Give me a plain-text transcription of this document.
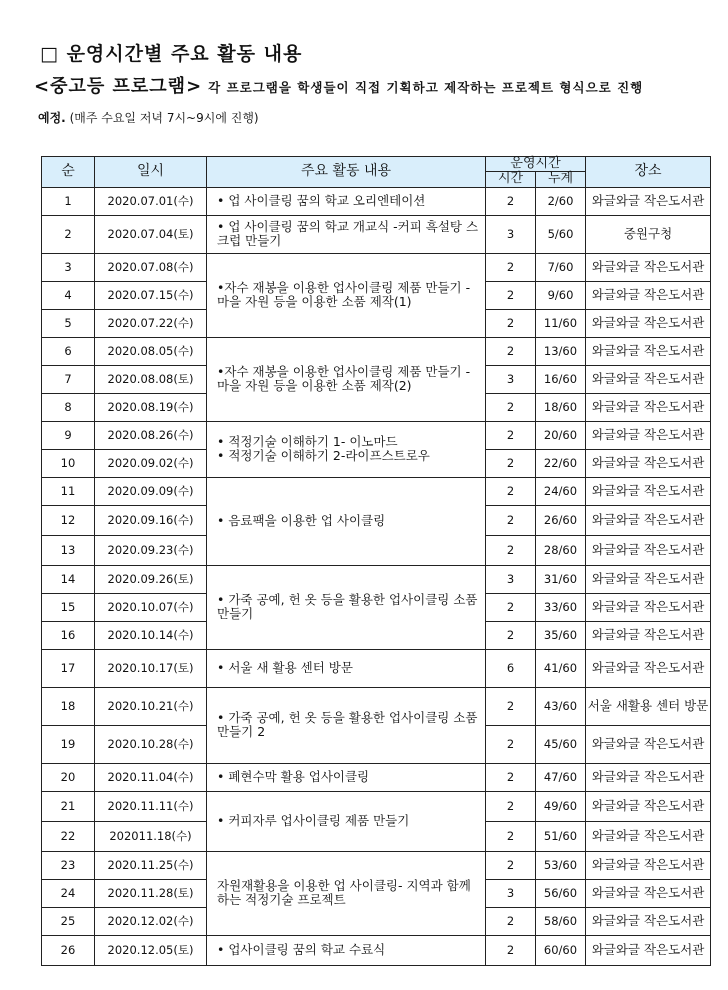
□ 운영시간별 주요 활동 내용
<중고등 프로그램> 각 프로그램을 학생들이 직접 기획하고 제작하는 프로젝트 형식으로 진행
예정. (매주 수요일 저녁 7시~9시에 진행)
순	일시	주요 활동 내용	운영시간		장소
			시간	누계	
1	2020.07.01(수)	• 업 사이클링 꿈의 학교 오리엔테이션	2	2/60	와글와글 작은도서관
2	2020.07.04(토)	• 업 사이클링 꿈의 학교 개교식 -커피 흑설탕 스크럽 만들기	3	5/60	중원구청
3	2020.07.08(수)	•자수 재봉을 이용한 업사이클링 제품 만들기 - 마을 자원 등을 이용한 소품 제작(1)	2	7/60	와글와글 작은도서관
4	2020.07.15(수)		2	9/60	와글와글 작은도서관
5	2020.07.22(수)		2	11/60	와글와글 작은도서관
6	2020.08.05(수)	•자수 재봉을 이용한 업사이클링 제품 만들기 - 마을 자원 등을 이용한 소품 제작(2)	2	13/60	와글와글 작은도서관
7	2020.08.08(토)		3	16/60	와글와글 작은도서관
8	2020.08.19(수)		2	18/60	와글와글 작은도서관
9	2020.08.26(수)	• 적정기술 이해하기 1- 이노마드
• 적정기술 이해하기 2-라이프스트로우	2	20/60	와글와글 작은도서관
10	2020.09.02(수)		2	22/60	와글와글 작은도서관
11	2020.09.09(수)	• 음료팩을 이용한 업 사이클링	2	24/60	와글와글 작은도서관
12	2020.09.16(수)		2	26/60	와글와글 작은도서관
13	2020.09.23(수)		2	28/60	와글와글 작은도서관
14	2020.09.26(토)	• 가죽 공예, 헌 옷 등을 활용한 업사이클링 소품 만들기	3	31/60	와글와글 작은도서관
15	2020.10.07(수)		2	33/60	와글와글 작은도서관
16	2020.10.14(수)		2	35/60	와글와글 작은도서관
17	2020.10.17(토)	• 서울 새 활용 센터 방문	6	41/60	와글와글 작은도서관
18	2020.10.21(수)	• 가죽 공예, 헌 옷 등을 활용한 업사이클링 소품 만들기 2	2	43/60	서울 새활용 센터 방문
19	2020.10.28(수)		2	45/60	와글와글 작은도서관
20	2020.11.04(수)	• 폐현수막 활용 업사이클링	2	47/60	와글와글 작은도서관
21	2020.11.11(수)	• 커피자루 업사이클링 제품 만들기	2	49/60	와글와글 작은도서관
22	202011.18(수)		2	51/60	와글와글 작은도서관
23	2020.11.25(수)	자원재활용을 이용한 업 사이클링- 지역과 함께 하는 적정기술 프로젝트	2	53/60	와글와글 작은도서관
24	2020.11.28(토)		3	56/60	와글와글 작은도서관
25	2020.12.02(수)		2	58/60	와글와글 작은도서관
26	2020.12.05(토)	• 업사이클링 꿈의 학교 수료식	2	60/60	와글와글 작은도서관
